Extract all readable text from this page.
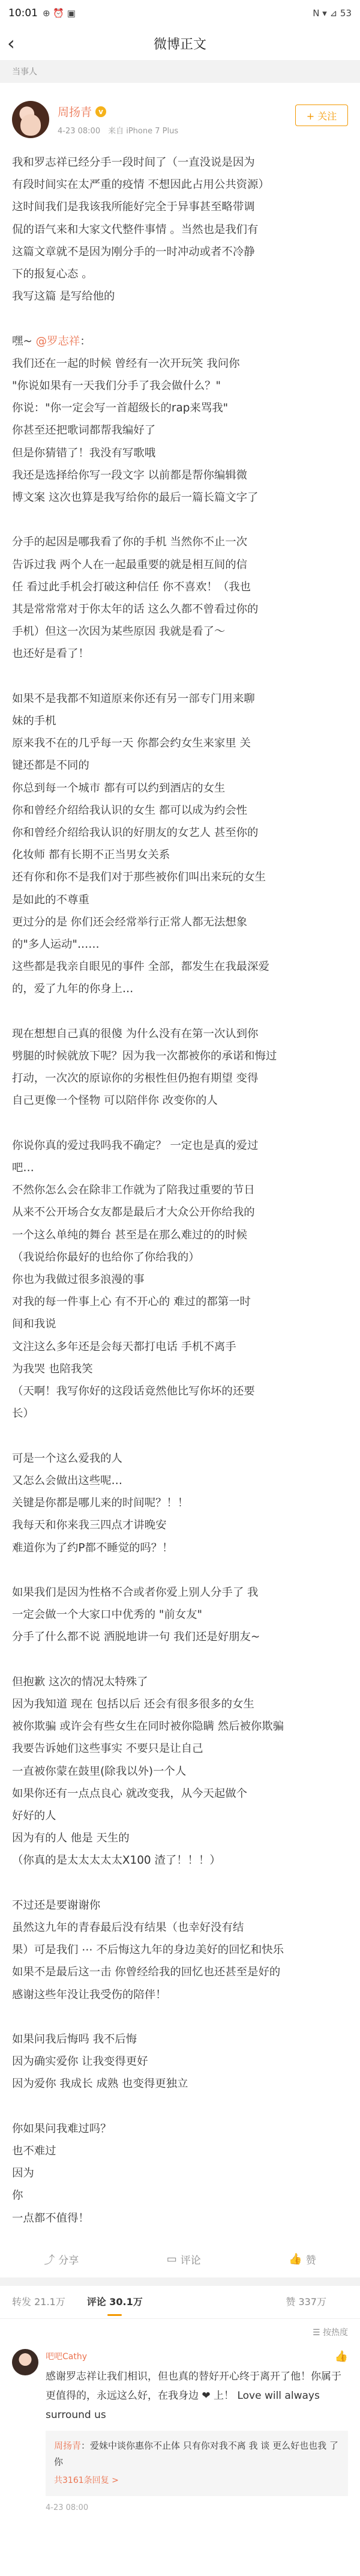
10:01 ⊕ ⏰ ▣	N ▾ ⊿ 53
‹	微博正文
当事人
周扬青 v
4-23 08:00　来自 iPhone 7 Plus
+ 关注

我和罗志祥已经分手一段时间了（一直没说是因为

有段时间实在太严重的疫情 不想因此占用公共资源）

这时间我们是我该我所能好完全于异事甚至略带调

侃的语气来和大家文代整件事情 。当然也是我们有

这篇文章就不是因为刚分手的一时冲动或者不冷静

下的报复心态 。

我写这篇 是写给他的

嘿~ @罗志祥：

我们还在一起的时候 曾经有一次开玩笑 我问你

"你说如果有一天我们分手了我会做什么？"

你说："你一定会写一首超级长的rap来骂我"

你甚至还把歌词都帮我编好了

但是你猜错了！我没有写歌哦

我还是选择给你写一段文字 以前都是帮你编辑微

博文案 这次也算是我写给你的最后一篇长篇文字了

分手的起因是哪我看了你的手机 当然你不止一次

告诉过我 两个人在一起最重要的就是相互间的信

任 看过此手机会打破这种信任 你不喜欢！（我也

其是常常常对于你太年的话 这么久都不曾看过你的

手机）但这一次因为某些原因 我就是看了～

也还好是看了！

如果不是我都不知道原来你还有另一部专门用来聊

妹的手机

原来我不在的几乎每一天 你都会约女生来家里 关

键还都是不同的

你总到每一个城市 都有可以约到酒店的女生

你和曾经介绍给我认识的女生 都可以成为约会性

你和曾经介绍给我认识的好朋友的女艺人 甚至你的

化妆师 都有长期不正当男女关系

还有你和你不是我们对于那些被你们叫出来玩的女生

是如此的不尊重

更过分的是 你们还会经常举行正常人都无法想象

的"多人运动"……

这些都是我亲自眼见的事件 全部，都发生在我最深爱

的，爱了九年的你身上…

现在想想自己真的很傻 为什么没有在第一次认到你

劈腿的时候就放下呢？因为我一次都被你的承诺和悔过

打动，一次次的原谅你的劣根性但仍抱有期望 变得

自己更像一个怪物 可以陪伴你 改变你的人

你说你真的爱过我吗我不确定？ 一定也是真的爱过

吧…

不然你怎么会在除非工作就为了陪我过重要的节日

从来不公开场合女友都是最后才大众公开你给我的

一个这么单纯的舞台 甚至是在那么难过的的时候

（我说给你最好的也给你了你给我的）

你也为我做过很多浪漫的事

对我的每一件事上心 有不开心的 难过的都第一时

间和我说

文注这么多年还是会每天都打电话 手机不离手

为我哭 也陪我笑

（天啊！我写你好的这段话竟然他比写你坏的还要

长）

可是一个这么爱我的人

又怎么会做出这些呢…

关键是你都是哪儿来的时间呢？！！

我每天和你来我三四点才讲晚安

难道你为了约P都不睡觉的吗？！

如果我们是因为性格不合或者你爱上别人分手了 我

一定会做一个大家口中优秀的 "前女友"

分手了什么都不说 洒脱地讲一句 我们还是好朋友~

但抱歉 这次的情况太特殊了

因为我知道 现在 包括以后 还会有很多很多的女生

被你欺骗 或许会有些女生在同时被你隐瞒 然后被你欺骗

我要告诉她们这些事实 不要只是让自己

一直被你蒙在鼓里(除我以外)一个人

如果你还有一点点良心 就改变我，从今天起做个

好好的人

因为有的人 他是 天生的

（你真的是太太太太太X100 渣了！！！）

不过还是要谢谢你

虽然这九年的青春最后没有结果（也幸好没有结

果）可是我们 ⋯ 不后悔这九年的身边美好的回忆和快乐

如果不是最后这一击 你曾经给我的回忆也还甚至是好的

感谢这些年没让我受伤的陪伴！

如果问我后悔吗 我不后悔

因为确实爱你 让我变得更好

因为爱你 我成长 成熟 也变得更独立

你如果问我难过吗？

也不难过

因为

你

一点都不值得！

⤴ 分享	▭ 评论	👍 赞
转发 21.1万 评论 30.1万	赞 337万
☰ 按热度
吧吧Cathy
感谢罗志祥让我们相识，但也真的替好开心终于离开了他！你属于更值得的，永远这么好，在我身边 ❤ 上！ Love will always surround us
周扬青：爱妹中谈你惠你不止体 只有你对我不离 我 谈 更么好也也我 了 你
共3161条回复 >
4-23 08:00
👍
